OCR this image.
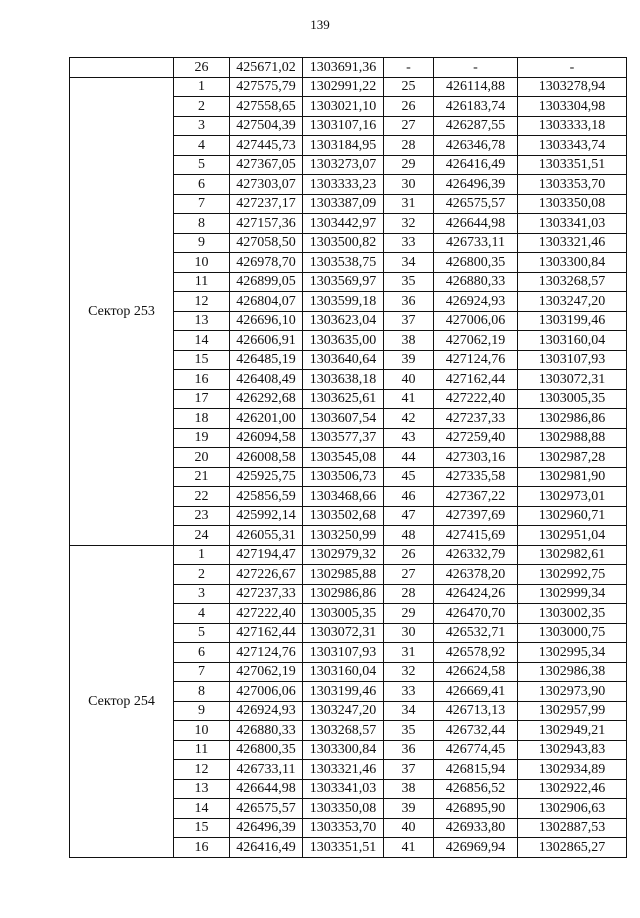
139
	26	425671,02	1303691,36	-	-	-
Сектор 253	1	427575,79	1302991,22	25	426114,88	1303278,94
	2	427558,65	1303021,10	26	426183,74	1303304,98
	3	427504,39	1303107,16	27	426287,55	1303333,18
	4	427445,73	1303184,95	28	426346,78	1303343,74
	5	427367,05	1303273,07	29	426416,49	1303351,51
	6	427303,07	1303333,23	30	426496,39	1303353,70
	7	427237,17	1303387,09	31	426575,57	1303350,08
	8	427157,36	1303442,97	32	426644,98	1303341,03
	9	427058,50	1303500,82	33	426733,11	1303321,46
	10	426978,70	1303538,75	34	426800,35	1303300,84
	11	426899,05	1303569,97	35	426880,33	1303268,57
	12	426804,07	1303599,18	36	426924,93	1303247,20
	13	426696,10	1303623,04	37	427006,06	1303199,46
	14	426606,91	1303635,00	38	427062,19	1303160,04
	15	426485,19	1303640,64	39	427124,76	1303107,93
	16	426408,49	1303638,18	40	427162,44	1303072,31
	17	426292,68	1303625,61	41	427222,40	1303005,35
	18	426201,00	1303607,54	42	427237,33	1302986,86
	19	426094,58	1303577,37	43	427259,40	1302988,88
	20	426008,58	1303545,08	44	427303,16	1302987,28
	21	425925,75	1303506,73	45	427335,58	1302981,90
	22	425856,59	1303468,66	46	427367,22	1302973,01
	23	425992,14	1303502,68	47	427397,69	1302960,71
	24	426055,31	1303250,99	48	427415,69	1302951,04
Сектор 254	1	427194,47	1302979,32	26	426332,79	1302982,61
	2	427226,67	1302985,88	27	426378,20	1302992,75
	3	427237,33	1302986,86	28	426424,26	1302999,34
	4	427222,40	1303005,35	29	426470,70	1303002,35
	5	427162,44	1303072,31	30	426532,71	1303000,75
	6	427124,76	1303107,93	31	426578,92	1302995,34
	7	427062,19	1303160,04	32	426624,58	1302986,38
	8	427006,06	1303199,46	33	426669,41	1302973,90
	9	426924,93	1303247,20	34	426713,13	1302957,99
	10	426880,33	1303268,57	35	426732,44	1302949,21
	11	426800,35	1303300,84	36	426774,45	1302943,83
	12	426733,11	1303321,46	37	426815,94	1302934,89
	13	426644,98	1303341,03	38	426856,52	1302922,46
	14	426575,57	1303350,08	39	426895,90	1302906,63
	15	426496,39	1303353,70	40	426933,80	1302887,53
	16	426416,49	1303351,51	41	426969,94	1302865,27
